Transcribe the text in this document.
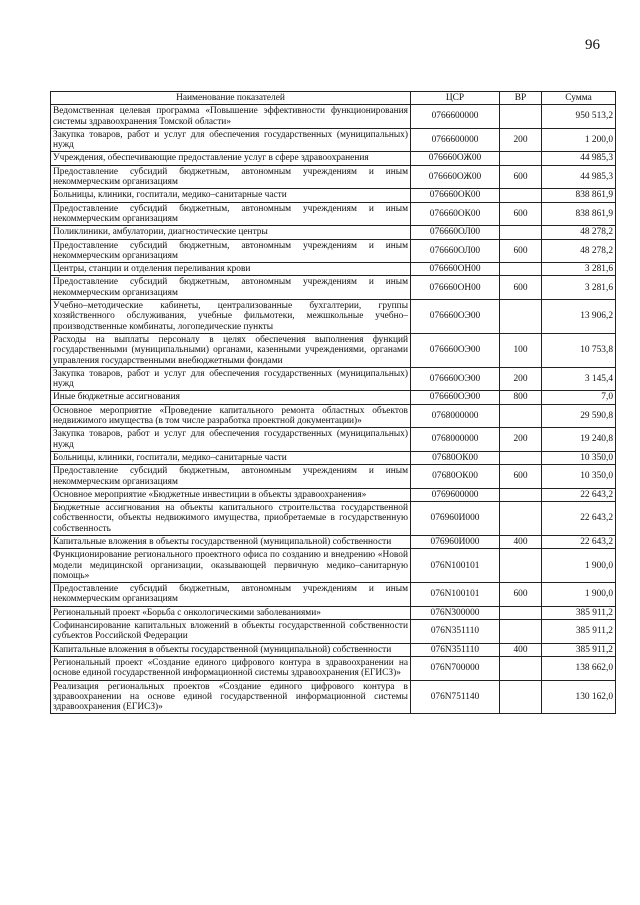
96
Наименование показателей	ЦСР	ВР	Сумма
Ведомственная целевая программа «Повышение эффективности функционирования системы здравоохранения Томской области»	0766600000		950 513,2
Закупка товаров, работ и услуг для обеспечения государственных (муниципальных) нужд	0766600000	200	1 200,0
Учреждения, обеспечивающие предоставление услуг в сфере здравоохранения	076660ОЖ00		44 985,3
Предоставление субсидий бюджетным, автономным учреждениям и иным некоммерческим организациям	076660ОЖ00	600	44 985,3
Больницы, клиники, госпитали, медико–санитарные части	076660ОК00		838 861,9
Предоставление субсидий бюджетным, автономным учреждениям и иным некоммерческим организациям	076660ОК00	600	838 861,9
Поликлиники, амбулатории, диагностические центры	076660ОЛ00		48 278,2
Предоставление субсидий бюджетным, автономным учреждениям и иным некоммерческим организациям	076660ОЛ00	600	48 278,2
Центры, станции и отделения переливания крови	076660ОН00		3 281,6
Предоставление субсидий бюджетным, автономным учреждениям и иным некоммерческим организациям	076660ОН00	600	3 281,6
Учебно–методические кабинеты, централизованные бухгалтерии, группы хозяйственного обслуживания, учебные фильмотеки, межшкольные учебно–производственные комбинаты, логопедические пункты	076660ОЭ00		13 906,2
Расходы на выплаты персоналу в целях обеспечения выполнения функций государственными (муниципальными) органами, казенными учреждениями, органами управления государственными внебюджетными фондами	076660ОЭ00	100	10 753,8
Закупка товаров, работ и услуг для обеспечения государственных (муниципальных) нужд	076660ОЭ00	200	3 145,4
Иные бюджетные ассигнования	076660ОЭ00	800	7,0
Основное мероприятие «Проведение капитального ремонта областных объектов недвижимого имущества (в том числе разработка проектной документации)»	0768000000		29 590,8
Закупка товаров, работ и услуг для обеспечения государственных (муниципальных) нужд	0768000000	200	19 240,8
Больницы, клиники, госпитали, медико–санитарные части	07680ОК00		10 350,0
Предоставление субсидий бюджетным, автономным учреждениям и иным некоммерческим организациям	07680ОК00	600	10 350,0
Основное мероприятие «Бюджетные инвестиции в объекты здравоохранения»	0769600000		22 643,2
Бюджетные ассигнования на объекты капитального строительства государственной собственности, объекты недвижимого имущества, приобретаемые в государственную собственность	076960И000		22 643,2
Капитальные вложения в объекты государственной (муниципальной) собственности	076960И000	400	22 643,2
Функционирование регионального проектного офиса по созданию и внедрению «Новой модели медицинской организации, оказывающей первичную медико–санитарную помощь»	076N100101		1 900,0
Предоставление субсидий бюджетным, автономным учреждениям и иным некоммерческим организациям	076N100101	600	1 900,0
Региональный проект «Борьба с онкологическими заболеваниями»	076N300000		385 911,2
Софинансирование капитальных вложений в объекты государственной собственности субъектов Российской Федерации	076N351110		385 911,2
Капитальные вложения в объекты государственной (муниципальной) собственности	076N351110	400	385 911,2
Региональный проект «Создание единого цифрового контура в здравоохранении на основе единой государственной информационной системы здравоохранения (ЕГИСЗ)»	076N700000		138 662,0
Реализация региональных проектов «Создание единого цифрового контура в здравоохранении на основе единой государственной информационной системы здравоохранения (ЕГИСЗ)»	076N751140		130 162,0
